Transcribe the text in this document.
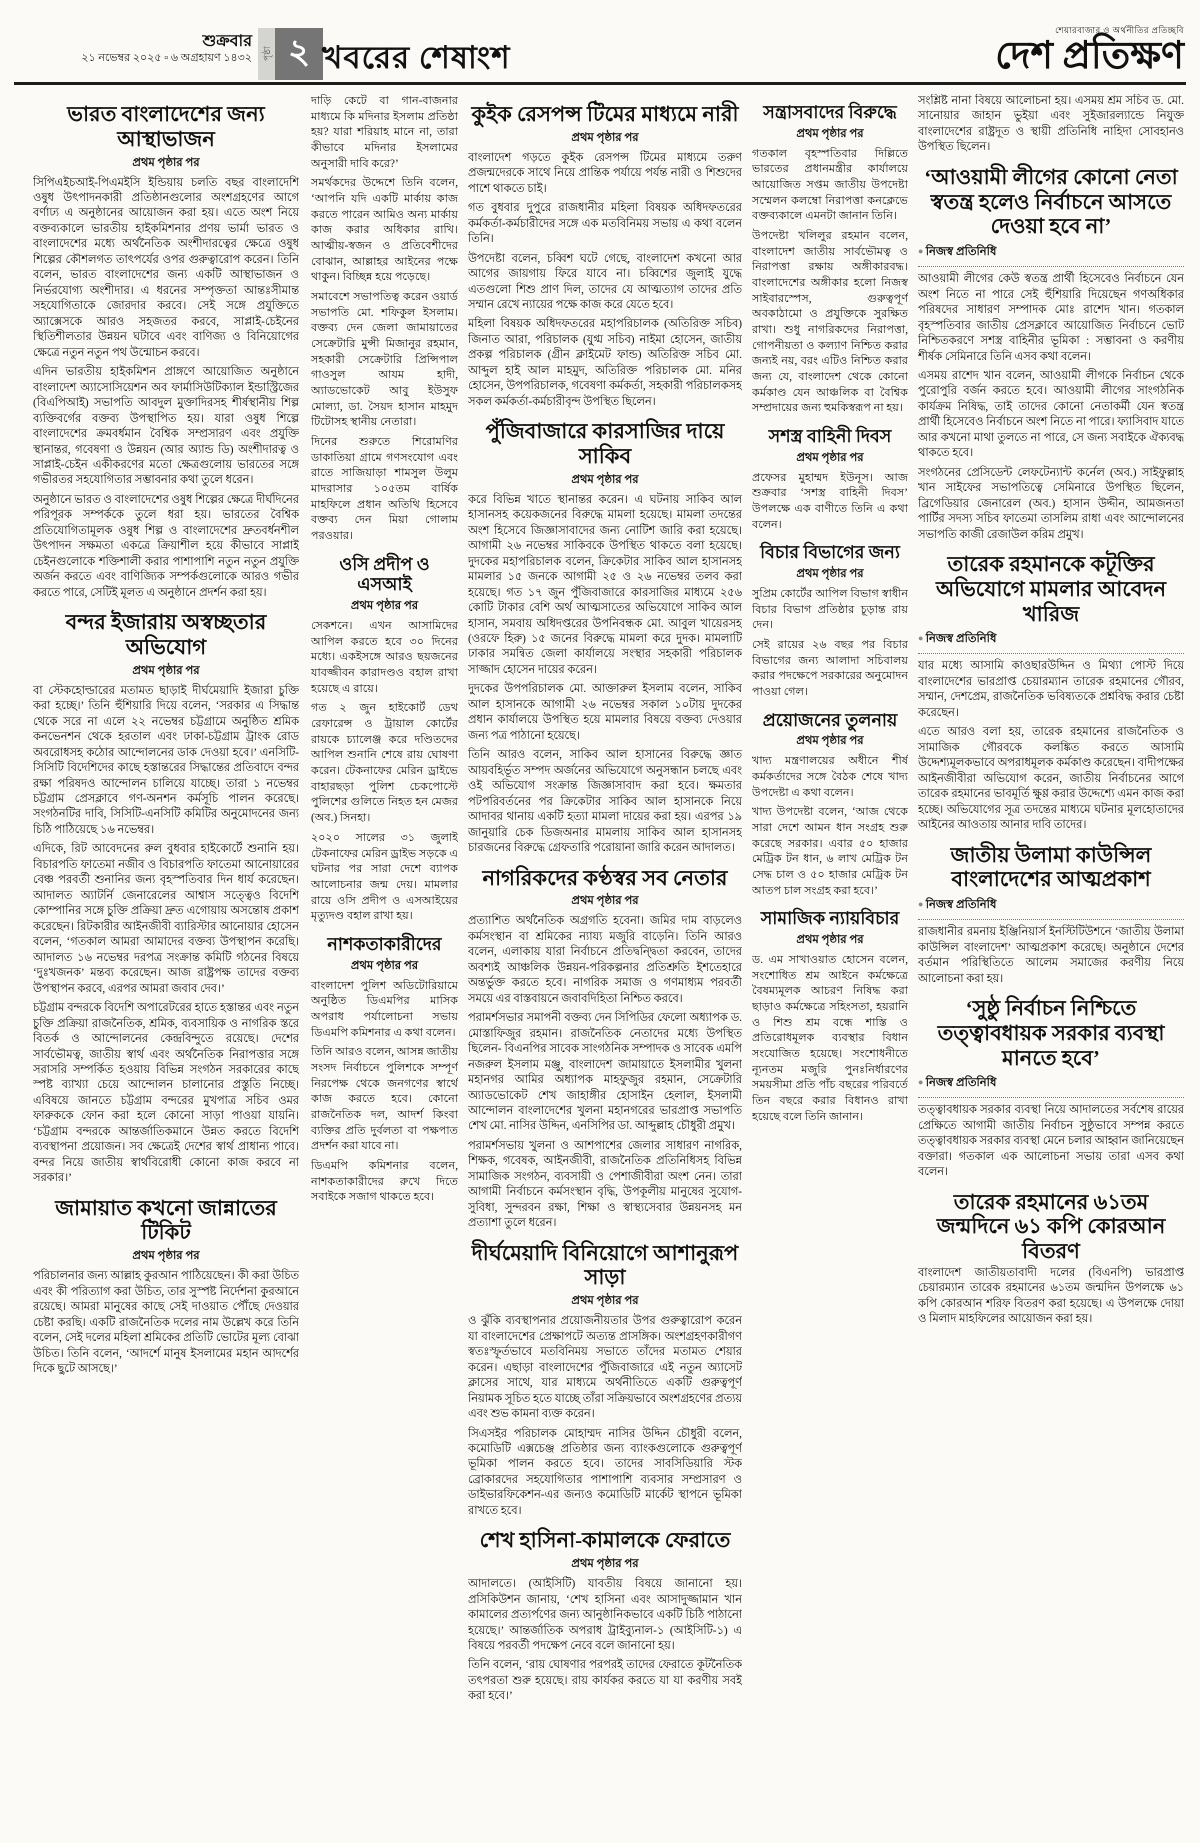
শুক্রবার
২১ নভেম্বর ২০২৫ ▫ ৬ অগ্রহায়ণ ১৪৩২	পৃষ্ঠা ২ খবরের শেষাংশ
শেয়ারবাজার ও অর্থনীতির প্রতিচ্ছবি
দেশ প্রতিক্ষণ
ভারত বাংলাদেশের জন্য আস্থাভাজন
প্রথম পৃষ্ঠার পর

সিপিএইচআই-পিএমইসি ইন্ডিয়ায় চলতি বছর বাংলাদেশি ওষুধ উৎপাদনকারী প্রতিষ্ঠানগুলোর অংশগ্রহণের আগে বর্ণাঢ্য এ অনুষ্ঠানের আয়োজন করা হয়। এতে অংশ নিয়ে বক্তব্যকালে ভারতীয় হাইকমিশনার প্রণয় ভার্মা ভারত ও বাংলাদেশের মধ্যে অর্থনৈতিক অংশীদারত্বের ক্ষেত্রে ওষুধ শিল্পের কৌশলগত তাৎপর্যের ওপর গুরুত্বারোপ করেন। তিনি বলেন, ভারত বাংলাদেশের জন্য একটি আস্থাভাজন ও নির্ভরযোগ্য অংশীদার। এ ধরনের সম্পৃক্ততা আন্তঃসীমান্ত সহযোগিতাকে জোরদার করবে। সেই সঙ্গে প্রযুক্তিতে অ্যাক্সেসকে আরও সহজতর করবে, সাপ্লাই-চেইনের স্থিতিশীলতার উন্নয়ন ঘটাবে এবং বাণিজ্য ও বিনিয়োগের ক্ষেত্রে নতুন নতুন পথ উন্মোচন করবে।

এদিন ভারতীয় হাইকমিশন প্রাঙ্গণে আয়োজিত অনুষ্ঠানে বাংলাদেশ অ্যাসোসিয়েশন অব ফার্মাসিউটিক্যাল ইন্ডাস্ট্রিজের (বিএপিআই) সভাপতি আবদুল মুক্তাদিরসহ শীর্ষস্থানীয় শিল্প ব্যক্তিবর্গের বক্তব্য উপস্থাপিত হয়। যারা ওষুধ শিল্পে বাংলাদেশের ক্রমবর্ধমান বৈশ্বিক সম্প্রসারণ এবং প্রযুক্তি স্থানান্তর, গবেষণা ও উন্নয়ন (আর অ্যান্ড ডি) অংশীদারত্ব ও সাপ্লাই-চেইন একীকরণের মতো ক্ষেত্রগুলোয় ভারতের সঙ্গে গভীরতর সহযোগিতার সম্ভাবনার কথা তুলে ধরেন।

অনুষ্ঠানে ভারত ও বাংলাদেশের ওষুধ শিল্পের ক্ষেত্রে দীর্ঘদিনের পরিপূরক সম্পর্ককে তুলে ধরা হয়। ভারতের বৈশ্বিক প্রতিযোগিতামূলক ওষুধ শিল্প ও বাংলাদেশের দ্রুতবর্ধনশীল উৎপাদন সক্ষমতা একত্রে ক্রিয়াশীল হয়ে কীভাবে সাপ্লাই চেইনগুলোকে শক্তিশালী করার পাশাপাশি নতুন নতুন প্রযুক্তি অর্জন করতে এবং বাণিজ্যিক সম্পর্কগুলোকে আরও গভীর করতে পারে, সেটিই মূলত এ অনুষ্ঠানে প্রদর্শন করা হয়।

বন্দর ইজারায় অস্বচ্ছতার অভিযোগ
প্রথম পৃষ্ঠার পর

বা স্টেকহোল্ডারের মতামত ছাড়াই দীর্ঘমেয়াদি ইজারা চুক্তি করা হচ্ছে।’ তিনি হুঁশিয়ারি দিয়ে বলেন, ‘সরকার এ সিদ্ধান্ত থেকে সরে না এলে ২২ নভেম্বর চট্টগ্রামে অনুষ্ঠিত শ্রমিক কনভেনশন থেকে হরতাল এবং ঢাকা-চট্টগ্রাম ট্রাংক রোড অবরোধসহ কঠোর আন্দোলনের ডাক দেওয়া হবে।’ এনসিটি-সিসিটি বিদেশিদের কাছে হস্তান্তরের সিদ্ধান্তের প্রতিবাদে বন্দর রক্ষা পরিষদও আন্দোলন চালিয়ে যাচ্ছে। তারা ১ নভেম্বর চট্টগ্রাম প্রেসক্লাবে গণ-অনশন কর্মসূচি পালন করেছে। সংগঠনটির দাবি, সিসিটি-এনসিটি কমিটির অনুমোদনের জন্য চিঠি পাঠিয়েছে ১৬ নভেম্বর।

এদিকে, রিট আবেদনের রুল বুধবার হাইকোর্টে শুনানি হয়। বিচারপতি ফাতেমা নজীব ও বিচারপতি ফাতেমা আনোয়ারের বেঞ্চ পরবর্তী শুনানির জন্য বৃহস্পতিবার দিন ধার্য করেছেন। আদালত অ্যাটর্নি জেনারেলের আশ্বাস সত্ত্বেও বিদেশি কোম্পানির সঙ্গে চুক্তি প্রক্রিয়া দ্রুত এগোয়ায় অসন্তোষ প্রকাশ করেছেন। রিটকারীর আইনজীবী ব্যারিস্টার আনোয়ার হোসেন বলেন, ‘গতকাল আমরা আমাদের বক্তব্য উপস্থাপন করেছি। আদালত ১৬ নভেম্বর দরপত্র সংক্রান্ত কমিটি গঠনের বিষয়ে ‘দুঃখজনক’ মন্তব্য করেছেন। আজ রাষ্ট্রপক্ষ তাদের বক্তব্য উপস্থাপন করবে, এরপর আমরা জবাব দেব।’

চট্টগ্রাম বন্দরকে বিদেশি অপারেটরের হাতে হস্তান্তর এবং নতুন চুক্তি প্রক্রিয়া রাজনৈতিক, শ্রমিক, ব্যবসায়িক ও নাগরিক স্তরে বিতর্ক ও আন্দোলনের কেন্দ্রবিন্দুতে রয়েছে। দেশের সার্বভৌমত্ব, জাতীয় স্বার্থ এবং অর্থনৈতিক নিরাপত্তার সঙ্গে সরাসরি সম্পর্কিত হওয়ায় বিভিন্ন সংগঠন সরকারের কাছে স্পষ্ট ব্যাখ্যা চেয়ে আন্দোলন চালানোর প্রস্তুতি নিচ্ছে। এবিষয়ে জানতে চট্টগ্রাম বন্দরের মুখপাত্র সচিব ওমর ফারুককে ফোন করা হলে কোনো সাড়া পাওয়া যায়নি। ‘চট্টগ্রাম বন্দরকে আন্তর্জাতিকমানে উন্নত করতে বিদেশি ব্যবস্থাপনা প্রয়োজন। সব ক্ষেত্রেই দেশের স্বার্থ প্রাধান্য পাবে। বন্দর নিয়ে জাতীয় স্বার্থবিরোধী কোনো কাজ করবে না সরকার।’

জামায়াত কখনো জান্নাতের টিকিট
প্রথম পৃষ্ঠার পর

পরিচালনার জন্য আল্লাহ কুরআন পাঠিয়েছেন। কী করা উচিত এবং কী পরিত্যাগ করা উচিত, তার সুস্পষ্ট নির্দেশনা কুরআনে রয়েছে। আমরা মানুষের কাছে সেই দাওয়াত পৌঁছে দেওয়ার চেষ্টা করছি। একটি রাজনৈতিক দলের নাম উল্লেখ করে তিনি বলেন, সেই দলের মহিলা শ্রমিকের প্রতিটি ভোটের মূল্য বোঝা উচিত। তিনি বলেন, ‘আদর্শে মানুষ ইসলামের মহান আদর্শের দিকে ছুটে আসছে।’

দাড়ি কেটে বা গান-বাজনার মাধ্যমে কি মদিনার ইসলাম প্রতিষ্ঠা হয়? যারা শরিয়াহ মানে না, তারা কীভাবে মদিনার ইসলামের অনুসারী দাবি করে?’

সমর্থকদের উদ্দেশে তিনি বলেন, ‘আপনি যদি একটি মার্কায় কাজ করতে পারেন আমিও অন্য মার্কায় কাজ করার অধিকার রাখি। আত্মীয়-স্বজন ও প্রতিবেশীদের বোঝান, আল্লাহর আইনের পক্ষে থাকুন। বিচ্ছিন্ন হয়ে পড়েছে।

সমাবেশে সভাপতিত্ব করেন ওয়ার্ড সভাপতি মো. শফিকুল ইসলাম। বক্তব্য দেন জেলা জামায়াতের সেক্রেটারি মুন্সী মিজানুর রহমান, সহকারী সেক্রেটারি প্রিন্সিপাল গাওসুল আযম হাদী, অ্যাডভোকেট আবু ইউসুফ মোল্যা, ডা. সৈয়দ হাসান মাহমুদ টিটোসহ স্থানীয় নেতারা।

দিনের শুরুতে শিরোমণির ডাকাতিয়া গ্রামে গণসংযোগ এবং রাতে সাজিয়াড়া শামসুল উলুম মাদরাসার ১০৫তম বার্ষিক মাহফিলে প্রধান অতিথি হিসেবে বক্তব্য দেন মিয়া গোলাম পরওয়ার।

ওসি প্রদীপ ও এসআই
প্রথম পৃষ্ঠার পর

সেকশনে। এখন আসামিদের আপিল করতে হবে ৩০ দিনের মধ্যে। একইসঙ্গে আরও ছয়জনের যাবজ্জীবন কারাদণ্ডও বহাল রাখা হয়েছে এ রায়ে।

গত ২ জুন হাইকোর্ট ডেথ রেফারেন্স ও ট্রায়াল কোর্টের রায়কে চ্যালেঞ্জ করে দণ্ডিতদের আপিল শুনানি শেষে রায় ঘোষণা করেন। টেকনাফের মেরিন ড্রাইভে বাহারছড়া পুলিশ চেকপোস্টে পুলিশের গুলিতে নিহত হন মেজর (অব.) সিনহা।

২০২০ সালের ৩১ জুলাই টেকনাফের মেরিন ড্রাইভ সড়কে এ ঘটনার পর সারা দেশে ব্যাপক আলোচনার জন্ম দেয়। মামলার রায়ে ওসি প্রদীপ ও এসআইয়ের মৃত্যুদণ্ড বহাল রাখা হয়।

নাশকতাকারীদের
প্রথম পৃষ্ঠার পর

বাংলাদেশ পুলিশ অডিটোরিয়ামে অনুষ্ঠিত ডিএমপির মাসিক অপরাধ পর্যালোচনা সভায় ডিএমপি কমিশনার এ কথা বলেন।

তিনি আরও বলেন, আসন্ন জাতীয় সংসদ নির্বাচনে পুলিশকে সম্পূর্ণ নিরপেক্ষ থেকে জনগণের স্বার্থে কাজ করতে হবে। কোনো রাজনৈতিক দল, আদর্শ কিংবা ব্যক্তির প্রতি দুর্বলতা বা পক্ষপাত প্রদর্শন করা যাবে না।

ডিএমপি কমিশনার বলেন, নাশকতাকারীদের রুখে দিতে সবাইকে সজাগ থাকতে হবে।

কুইক রেসপন্স টিমের মাধ্যমে নারী
প্রথম পৃষ্ঠার পর

বাংলাদেশ গড়তে কুইক রেসপন্স টিমের মাধ্যমে তরুণ প্রজন্মদেরকে সাথে নিয়ে প্রান্তিক পর্যায়ে পর্যন্ত নারী ও শিশুদের পাশে থাকতে চাই।

গত বুধবার দুপুরে রাজধানীর মহিলা বিষয়ক অধিদফতরের কর্মকর্তা-কর্মচারীদের সঙ্গে এক মতবিনিময় সভায় এ কথা বলেন তিনি।

উপদেষ্টা বলেন, চব্বিশ ঘটে গেছে, বাংলাদেশ কখনো আর আগের জায়গায় ফিরে যাবে না। চব্বিশের জুলাই যুদ্ধে এতগুলো শিশু প্রাণ দিল, তাদের যে আত্মত্যাগ তাদের প্রতি সম্মান রেখে ন্যায়ের পক্ষে কাজ করে যেতে হবে।

মহিলা বিষয়ক অধিদফতরের মহাপরিচালক (অতিরিক্ত সচিব) জিনাত আরা, পরিচালক (যুগ্ম সচিব) নাইমা হোসেন, জাতীয় প্রকল্প পরিচালক (গ্রীন ক্লাইমেট ফান্ড) অতিরিক্ত সচিব মো. আব্দুল হাই আল মাহমুদ, অতিরিক্ত পরিচালক মো. মনির হোসেন, উপপরিচালক, গবেষণা কর্মকর্তা, সহকারী পরিচালকসহ সকল কর্মকর্তা-কর্মচারীবৃন্দ উপস্থিত ছিলেন।

পুঁজিবাজারে কারসাজির দায়ে সাকিব
প্রথম পৃষ্ঠার পর

করে বিভিন্ন খাতে স্থানান্তর করেন। এ ঘটনায় সাকিব আল হাসানসহ কয়েকজনের বিরুদ্ধে মামলা হয়েছে। মামলা তদন্তের অংশ হিসেবে জিজ্ঞাসাবাদের জন্য নোটিশ জারি করা হয়েছে। আগামী ২৬ নভেম্বর সাকিবকে উপস্থিত থাকতে বলা হয়েছে। দুদকের মহাপরিচালক বলেন, ক্রিকেটার সাকিব আল হাসানসহ মামলার ১৫ জনকে আগামী ২৫ ও ২৬ নভেম্বর তলব করা হয়েছে। গত ১৭ জুন পুঁজিবাজারে কারসাজির মাধ্যমে ২৫৬ কোটি টাকার বেশি অর্থ আত্মসাতের অভিযোগে সাকিব আল হাসান, সমবায় অধিদপ্তরের উপনিবন্ধক মো. আবুল খায়েরসহ (ওরফে হিরু) ১৫ জনের বিরুদ্ধে মামলা করে দুদক। মামলাটি ঢাকার সমন্বিত জেলা কার্যালয়ে সংস্থার সহকারী পরিচালক সাজ্জাদ হোসেন দায়ের করেন।

দুদকের উপপরিচালক মো. আক্তারুল ইসলাম বলেন, সাকিব আল হাসানকে আগামী ২৬ নভেম্বর সকাল ১০টায় দুদকের প্রধান কার্যালয়ে উপস্থিত হয়ে মামলার বিষয়ে বক্তব্য দেওয়ার জন্য পত্র পাঠানো হয়েছে।

তিনি আরও বলেন, সাকিব আল হাসানের বিরুদ্ধে জ্ঞাত আয়বহির্ভূত সম্পদ অর্জনের অভিযোগে অনুসন্ধান চলছে এবং ওই অভিযোগ সংক্রান্ত জিজ্ঞাসাবাদ করা হবে। ক্ষমতার পটপরিবর্তনের পর ক্রিকেটার সাকিব আল হাসানকে নিয়ে আদাবর থানায় একটি হত্যা মামলা দায়ের করা হয়। এরপর ১৯ জানুয়ারি চেক ডিজঅনার মামলায় সাকিব আল হাসানসহ চারজনের বিরুদ্ধে গ্রেফতারি পরোয়ানা জারি করেন আদালত।

নাগরিকদের কণ্ঠস্বর সব নেতার
প্রথম পৃষ্ঠার পর

প্রত্যাশিত অর্থনৈতিক অগ্রগতি হবেনা। জমির দাম বাড়লেও কর্মসংস্থান বা শ্রমিকের ন্যায্য মজুরি বাড়েনি। তিনি আরও বলেন, এলাকায় যারা নির্বাচনে প্রতিদ্বন্দ্বিতা করবেন, তাদের অবশ্যই আঞ্চলিক উন্নয়ন-পরিকল্পনার প্রতিশ্রুতি ইশতেহারে অন্তর্ভুক্ত করতে হবে। নাগরিক সমাজ ও গণমাধ্যম পরবর্তী সময়ে এর বাস্তবায়নে জবাবদিহিতা নিশ্চিত করবে।

পরামর্শসভার সমাপনী বক্তব্য দেন সিপিডির ফেলো অধ্যাপক ড. মোস্তাফিজুর রহমান। রাজনৈতিক নেতাদের মধ্যে উপস্থিত ছিলেন- বিএনপির সাবেক সাংগঠনিক সম্পাদক ও সাবেক এমপি নজরুল ইসলাম মঞ্জু, বাংলাদেশ জামায়াতে ইসলামীর খুলনা মহানগর আমির অধ্যাপক মাহফুজুর রহমান, সেক্রেটারি অ্যাডভোকেট শেখ জাহাঙ্গীর হোসাইন হেলাল, ইসলামী আন্দোলন বাংলাদেশের খুলনা মহানগরের ভারপ্রাপ্ত সভাপতি শেখ মো. নাসির উদ্দিন, এনসিপির ডা. আব্দুল্লাহ চৌধুরী প্রমুখ।

পরামর্শসভায় খুলনা ও আশপাশের জেলার সাধারণ নাগরিক, শিক্ষক, গবেষক, আইনজীবী, রাজনৈতিক প্রতিনিধিসহ বিভিন্ন সামাজিক সংগঠন, ব্যবসায়ী ও পেশাজীবীরা অংশ নেন। তারা আগামী নির্বাচনে কর্মসংস্থান বৃদ্ধি, উপকূলীয় মানুষের সুযোগ-সুবিধা, সুন্দরবন রক্ষা, শিক্ষা ও স্বাস্থ্যসেবার উন্নয়নসহ মন প্রত্যাশা তুলে ধরেন।

দীর্ঘমেয়াদি বিনিয়োগে আশানুরূপ সাড়া
প্রথম পৃষ্ঠার পর

ও ঝুঁকি ব্যবস্থাপনার প্রয়োজনীয়তার উপর গুরুত্বারোপ করেন যা বাংলাদেশের প্রেক্ষাপটে অত্যন্ত প্রাসঙ্গিক। অংশগ্রহণকারীগণ স্বতঃস্ফূর্তভাবে মতবিনিময় সভাতে তাঁদের মতামত শেয়ার করেন। এছাড়া বাংলাদেশের পুঁজিবাজারে এই নতুন অ্যাসেট ক্লাসের সাথে, যার মাধ্যমে অর্থনীতিতে একটি গুরুত্বপূর্ণ নিয়ামক সূচিত হতে যাচ্ছে তাঁরা সক্রিয়ভাবে অংশগ্রহণের প্রত্যয় এবং শুভ কামনা ব্যক্ত করেন।

সিএসইর পরিচালক মোহাম্মদ নাসির উদ্দিন চৌধুরী বলেন, কমোডিটি এক্সচেঞ্জ প্রতিষ্ঠার জন্য ব্যাংকগুলোকে গুরুত্বপূর্ণ ভূমিকা পালন করতে হবে। তাদের সাবসিডিয়ারি স্টক ব্রোকারদের সহযোগিতার পাশাপাশি ব্যবসার সম্প্রসারণ ও ডাইভারফিকেশন-এর জন্যও কমোডিটি মার্কেট স্থাপনে ভূমিকা রাখতে হবে।

শেখ হাসিনা-কামালকে ফেরাতে
প্রথম পৃষ্ঠার পর

আদালতে। (আইসিটি) যাবতীয় বিষয়ে জানানো হয়। প্রসিকিউশন জানায়, ‘শেখ হাসিনা এবং আসাদুজ্জামান খান কামালের প্রত্যর্পণের জন্য আনুষ্ঠানিকভাবে একটি চিঠি পাঠানো হয়েছে।’ আন্তর্জাতিক অপরাধ ট্রাইব্যুনাল-১ (আইসিটি-১) এ বিষয়ে পরবর্তী পদক্ষেপ নেবে বলে জানানো হয়।

তিনি বলেন, ‘রায় ঘোষণার পরপরই তাদের ফেরাতে কূটনৈতিক তৎপরতা শুরু হয়েছে। রায় কার্যকর করতে যা যা করণীয় সবই করা হবে।’

সন্ত্রাসবাদের বিরুদ্ধে
প্রথম পৃষ্ঠার পর

গতকাল বৃহস্পতিবার দিল্লিতে ভারতের প্রধানমন্ত্রীর কার্যালয়ে আয়োজিত সপ্তম জাতীয় উপদেষ্টা সম্মেলন কলম্বো নিরাপত্তা কনক্লেভে বক্তব্যকালে এমনটা জানান তিনি।

উপদেষ্টা খলিলুর রহমান বলেন, বাংলাদেশ জাতীয় সার্বভৌমত্ব ও নিরাপত্তা রক্ষায় অঙ্গীকারবদ্ধ। বাংলাদেশের অঙ্গীকার হলো নিজস্ব সাইবারস্পেস, গুরুত্বপূর্ণ অবকাঠামো ও প্রযুক্তিকে সুরক্ষিত রাখা। শুধু নাগরিকদের নিরাপত্তা, গোপনীয়তা ও কল্যাণ নিশ্চিত করার জন্যই নয়, বরং এটিও নিশ্চিত করার জন্য যে, বাংলাদেশ থেকে কোনো কর্মকাণ্ড যেন আঞ্চলিক বা বৈশ্বিক সম্প্রদায়ের জন্য হুমকিস্বরূপ না হয়।

সশস্ত্র বাহিনী দিবস
প্রথম পৃষ্ঠার পর

প্রফেসর মুহাম্মদ ইউনূস। আজ শুক্রবার ‘সশস্ত্র বাহিনী দিবস’ উপলক্ষে এক বাণীতে তিনি এ কথা বলেন।

বিচার বিভাগের জন্য
প্রথম পৃষ্ঠার পর

সুপ্রিম কোর্টের আপিল বিভাগ স্বাধীন বিচার বিভাগ প্রতিষ্ঠার চূড়ান্ত রায় দেন।

সেই রায়ের ২৬ বছর পর বিচার বিভাগের জন্য আলাদা সচিবালয় করার পদক্ষেপে সরকারের অনুমোদন পাওয়া গেল।

প্রয়োজনের তুলনায়
প্রথম পৃষ্ঠার পর

খাদ্য মন্ত্রণালয়ের অধীনে শীর্ষ কর্মকর্তাদের সঙ্গে বৈঠক শেষে খাদ্য উপদেষ্টা এ কথা বলেন।

খাদ্য উপদেষ্টা বলেন, ‘আজ থেকে সারা দেশে আমন ধান সংগ্রহ শুরু করেছে সরকার। এবার ৫০ হাজার মেট্রিক টন ধান, ৬ লাখ মেট্রিক টন সেদ্ধ চাল ও ৫০ হাজার মেট্রিক টন আতপ চাল সংগ্রহ করা হবে।’

সামাজিক ন্যায়বিচার
প্রথম পৃষ্ঠার পর

ড. এম সাখাওয়াত হোসেন বলেন, সংশোধিত শ্রম আইনে কর্মক্ষেত্রে বৈষম্যমূলক আচরণ নিষিদ্ধ করা ছাড়াও কর্মক্ষেত্রে সহিংসতা, হয়রানি ও শিশু শ্রম বন্ধে শাস্তি ও প্রতিরোধমূলক ব্যবস্থার বিধান সংযোজিত হয়েছে। সংশোধনীতে ন্যূনতম মজুরি পুনঃনির্ধারণের সময়সীমা প্রতি পাঁচ বছরের পরিবর্তে তিন বছরে করার বিধানও রাখা হয়েছে বলে তিনি জানান।

সংশ্লিষ্ট নানা বিষয়ে আলোচনা হয়। এসময় শ্রম সচিব ড. মো. সানোয়ার জাহান ভুইয়া এবং সুইজারল্যান্ডে নিযুক্ত বাংলাদেশের রাষ্ট্রদূত ও স্থায়ী প্রতিনিধি নাহিদা সোবহানও উপস্থিত ছিলেন।

‘আওয়ামী লীগের কোনো নেতা স্বতন্ত্র হলেও নির্বাচনে আসতে দেওয়া হবে না’
● নিজস্ব প্রতিনিধি

আওয়ামী লীগের কেউ স্বতন্ত্র প্রার্থী হিসেবেও নির্বাচনে যেন অংশ নিতে না পারে সেই হুঁশিয়ারি দিয়েছেন গণঅধিকার পরিষদের সাধারণ সম্পাদক মোঃ রাশেদ খান। গতকাল বৃহস্পতিবার জাতীয় প্রেসক্লাবে আয়োজিত নির্বাচনে ভোট নিশ্চিতকরণে সশস্ত্র বাহিনীর ভূমিকা : সম্ভাবনা ও করণীয় শীর্ষক সেমিনারে তিনি এসব কথা বলেন।

এসময় রাশেদ খান বলেন, আওয়ামী লীগকে নির্বাচন থেকে পুরোপুরি বর্জন করতে হবে। আওয়ামী লীগের সাংগঠনিক কার্যক্রম নিষিদ্ধ, তাই তাদের কোনো নেতাকর্মী যেন স্বতন্ত্র প্রার্থী হিসেবেও নির্বাচনে অংশ নিতে না পারে। ফ্যাসিবাদ যাতে আর কখনো মাথা তুলতে না পারে, সে জন্য সবাইকে ঐক্যবদ্ধ থাকতে হবে।

সংগঠনের প্রেসিডেন্ট লেফটেন্যান্ট কর্নেল (অব.) সাইফুল্লাহ খান সাইফের সভাপতিত্বে সেমিনারে উপস্থিত ছিলেন, ব্রিগেডিয়ার জেনারেল (অব.) হাসান উদ্দীন, আমজনতা পার্টির সদস্য সচিব ফাতেমা তাসলিম রাধা এবং আন্দোলনের সভাপতি কাজী রেজাউল করিম প্রমুখ।

তারেক রহমানকে কটূক্তির অভিযোগে মামলার আবেদন খারিজ
● নিজস্ব প্রতিনিধি

যার মধ্যে আসামি কাওছারউদ্দিন ও মিথ্যা পোস্ট দিয়ে বাংলাদেশের ভারপ্রাপ্ত চেয়ারম্যান তারেক রহমানের গৌরব, সম্মান, দেশপ্রেম, রাজনৈতিক ভবিষ্যতকে প্রশ্নবিদ্ধ করার চেষ্টা করেছেন।

এতে আরও বলা হয়, তারেক রহমানের রাজনৈতিক ও সামাজিক গৌরবকে কলঙ্কিত করতে আসামি উদ্দেশ্যমূলকভাবে অপরাধমূলক কর্মকাণ্ড করেছেন। বাদীপক্ষের আইনজীবীরা অভিযোগ করেন, জাতীয় নির্বাচনের আগে তারেক রহমানের ভাবমূর্তি ক্ষুণ্ণ করার উদ্দেশ্যে এমন কাজ করা হচ্ছে। অভিযোগের সূত্র তদন্তের মাধ্যমে ঘটনার মূলহোতাদের আইনের আওতায় আনার দাবি তাদের।

জাতীয় উলামা কাউন্সিল বাংলাদেশের আত্মপ্রকাশ
● নিজস্ব প্রতিনিধি

রাজধানীর রমনায় ইঞ্জিনিয়ার্স ইনস্টিটিউশনে ‘জাতীয় উলামা কাউন্সিল বাংলাদেশ’ আত্মপ্রকাশ করেছে। অনুষ্ঠানে দেশের বর্তমান পরিস্থিতিতে আলেম সমাজের করণীয় নিয়ে আলোচনা করা হয়।

‘সুষ্ঠু নির্বাচন নিশ্চিতে তত্ত্বাবধায়ক সরকার ব্যবস্থা মানতে হবে’
● নিজস্ব প্রতিনিধি

তত্ত্বাবধায়ক সরকার ব্যবস্থা নিয়ে আদালতের সর্বশেষ রায়ের প্রেক্ষিতে আগামী জাতীয় নির্বাচন সুষ্ঠুভাবে সম্পন্ন করতে তত্ত্বাবধায়ক সরকার ব্যবস্থা মেনে চলার আহ্বান জানিয়েছেন বক্তারা। গতকাল এক আলোচনা সভায় তারা এসব কথা বলেন।

তারেক রহমানের ৬১তম জন্মদিনে ৬১ কপি কোরআন বিতরণ

বাংলাদেশ জাতীয়তাবাদী দলের (বিএনপি) ভারপ্রাপ্ত চেয়ারম্যান তারেক রহমানের ৬১তম জন্মদিন উপলক্ষে ৬১ কপি কোরআন শরিফ বিতরণ করা হয়েছে। এ উপলক্ষে দোয়া ও মিলাদ মাহফিলের আয়োজন করা হয়।
